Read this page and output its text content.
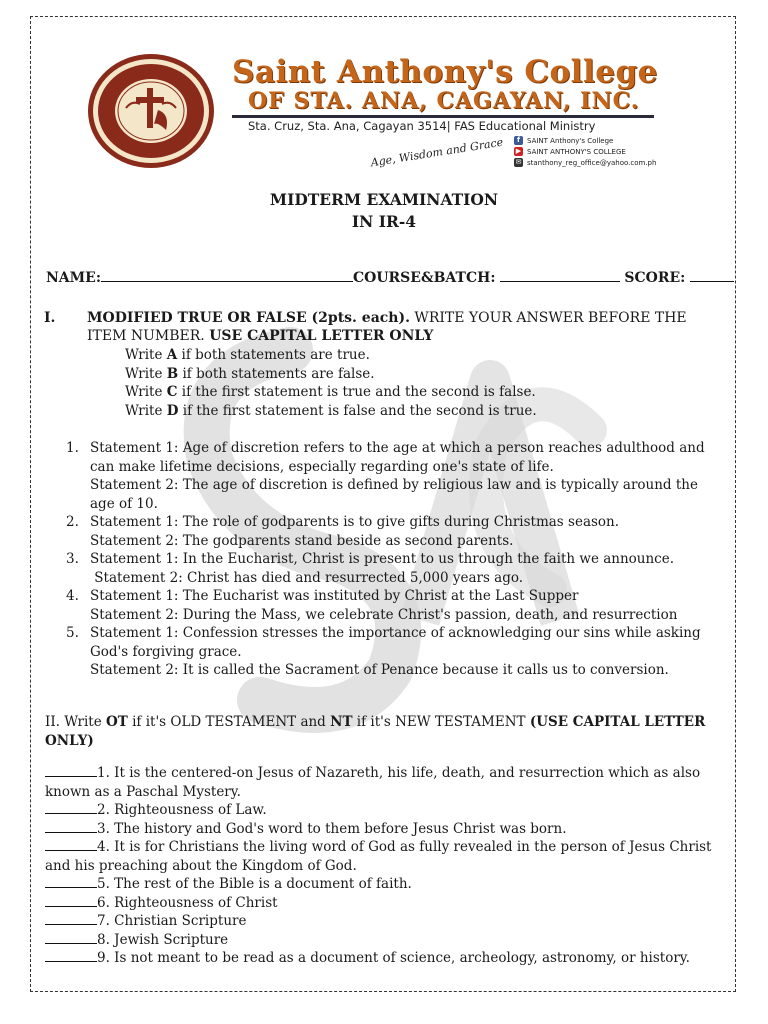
Saint Anthony's College
OF STA. ANA, CAGAYAN, INC.
Sta. Cruz, Sta. Ana, Cagayan 3514| FAS Educational Ministry
Age, Wisdom and Grace	f SAINT Anthony's College
▶ SAINT ANTHONY'S COLLEGE
✉ stanthony_reg_office@yahoo.com.ph
MIDTERM EXAMINATION
IN IR-4
NAME:	COURSE&BATCH:	SCORE:
I. MODIFIED TRUE OR FALSE (2pts. each). WRITE YOUR ANSWER BEFORE THE ITEM NUMBER. USE CAPITAL LETTER ONLY
Write A if both statements are true.
Write B if both statements are false.
Write C if the first statement is true and the second is false.
Write D if the first statement is false and the second is true.
1. Statement 1: Age of discretion refers to the age at which a person reaches adulthood and can make lifetime decisions, especially regarding one's state of life.
Statement 2: The age of discretion is defined by religious law and is typically around the age of 10.
2. Statement 1: The role of godparents is to give gifts during Christmas season.
Statement 2: The godparents stand beside as second parents.
3. Statement 1: In the Eucharist, Christ is present to us through the faith we announce.
Statement 2: Christ has died and resurrected 5,000 years ago.
4. Statement 1: The Eucharist was instituted by Christ at the Last Supper
Statement 2: During the Mass, we celebrate Christ's passion, death, and resurrection
5. Statement 1: Confession stresses the importance of acknowledging our sins while asking God's forgiving grace.
Statement 2: It is called the Sacrament of Penance because it calls us to conversion.
II. Write OT if it's OLD TESTAMENT and NT if it's NEW TESTAMENT (USE CAPITAL LETTER ONLY)
1. It is the centered-on Jesus of Nazareth, his life, death, and resurrection which as also known as a Paschal Mystery.
2. Righteousness of Law.
3. The history and God's word to them before Jesus Christ was born.
4. It is for Christians the living word of God as fully revealed in the person of Jesus Christ and his preaching about the Kingdom of God.
5. The rest of the Bible is a document of faith.
6. Righteousness of Christ
7. Christian Scripture
8. Jewish Scripture
9. Is not meant to be read as a document of science, archeology, astronomy, or history.
